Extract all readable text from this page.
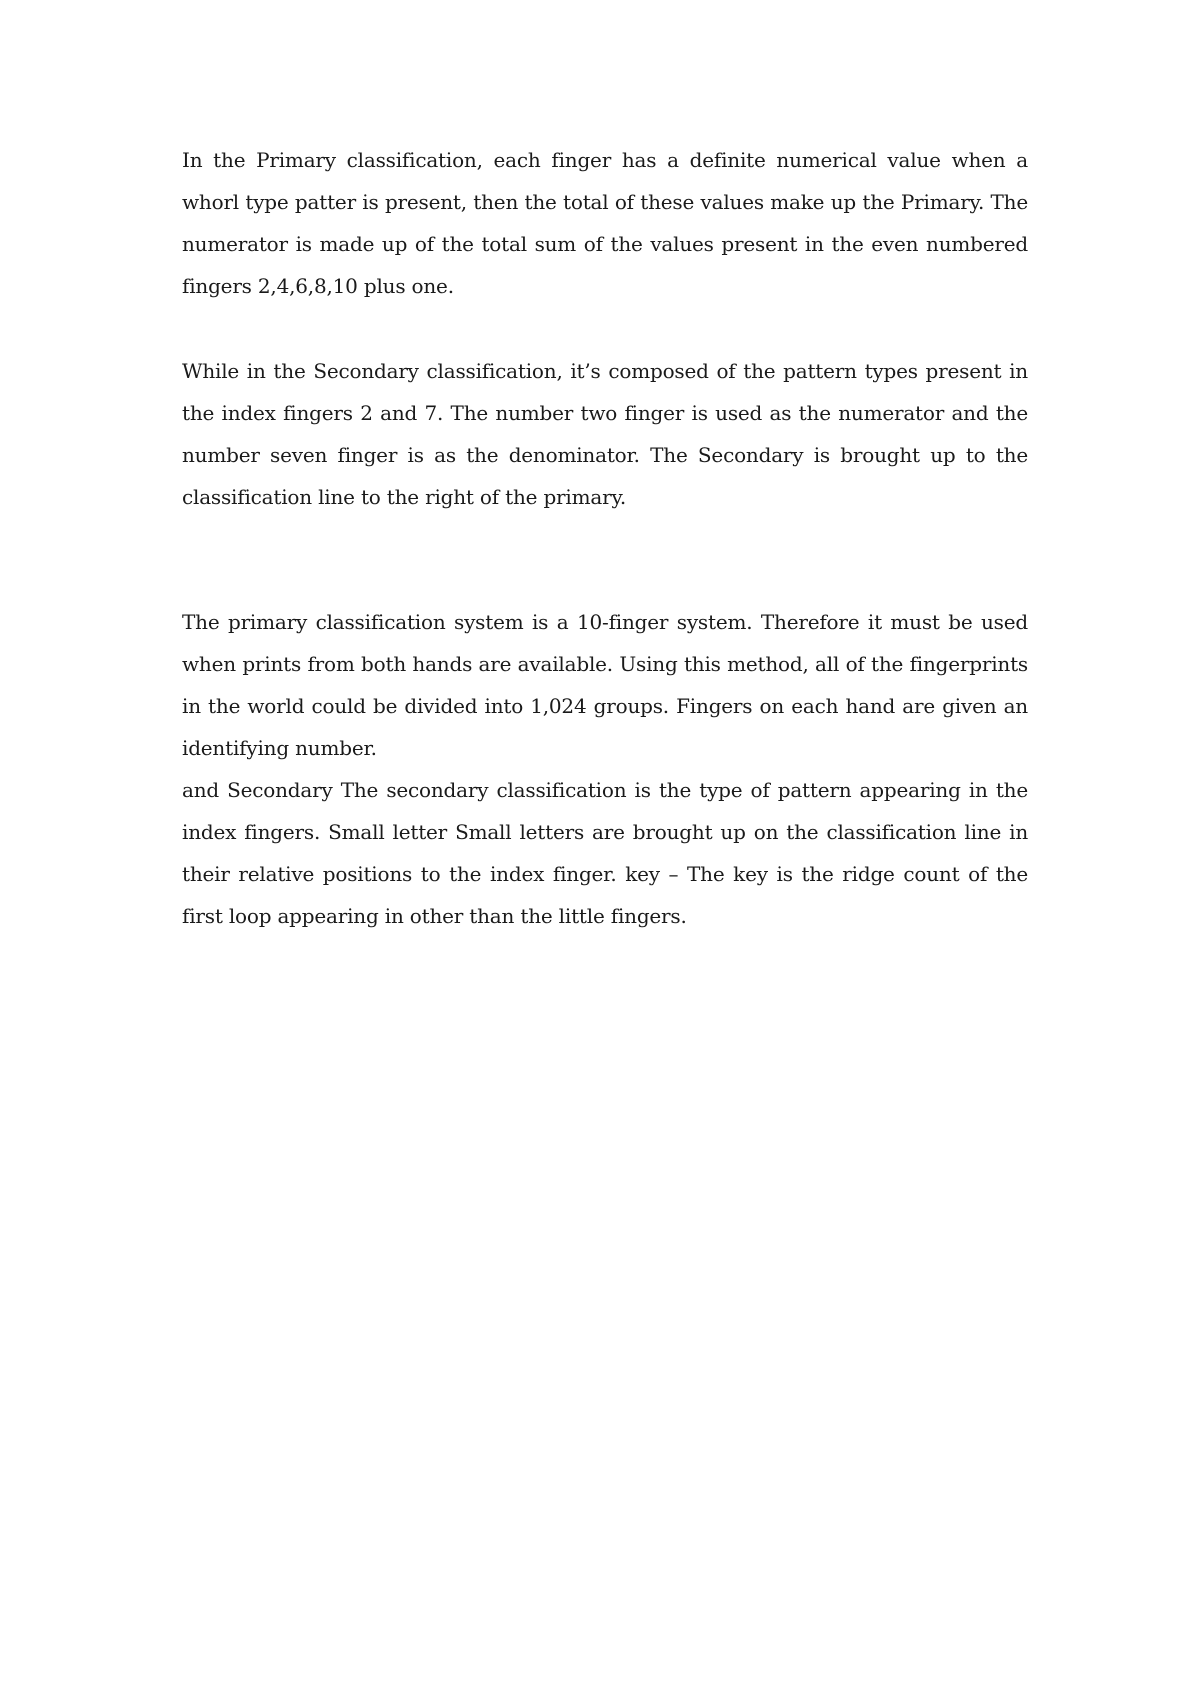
In the Primary classification, each finger has a definite numerical value when a whorl type patter is present, then the total of these values make up the Primary. The numerator is made up of the total sum of the values present in the even numbered fingers 2,4,6,8,10 plus one.

While in the Secondary classification, it’s composed of the pattern types present in the index fingers 2 and 7. The number two finger is used as the numerator and the number seven finger is as the denominator. The Secondary is brought up to the classification line to the right of the primary.

The primary classification system is a 10-finger system. Therefore it must be used when prints from both hands are available. Using this method, all of the fingerprints in the world could be divided into 1,024 groups. Fingers on each hand are given an identifying number.

and Secondary The secondary classification is the type of pattern appearing in the index fingers. Small letter Small letters are brought up on the classification line in their relative positions to the index finger. key – The key is the ridge count of the first loop appearing in other than the little fingers.
